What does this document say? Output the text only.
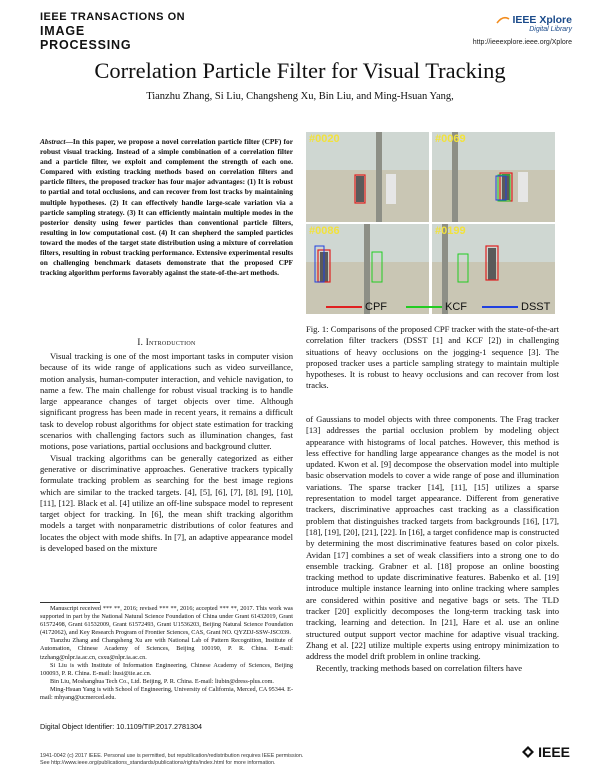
IEEE TRANSACTIONS ON
IMAGE
PROCESSING
IEEE Xplore
Digital Library
http://ieeexplore.ieee.org/Xplore
Correlation Particle Filter for Visual Tracking
Tianzhu Zhang, Si Liu, Changsheng Xu, Bin Liu, and Ming-Hsuan Yang,
Abstract—In this paper, we propose a novel correlation particle filter (CPF) for robust visual tracking. Instead of a simple combination of a correlation filter and a particle filter, we exploit and complement the strength of each one. Compared with existing tracking methods based on correlation filters and particle filters, the proposed tracker has four major advantages: (1) It is robust to partial and total occlusions, and can recover from lost tracks by maintaining multiple hypotheses. (2) It can effectively handle large-scale variation via a particle sampling strategy. (3) It can efficiently maintain multiple modes in the posterior density using fewer particles than conventional particle filters, resulting in low computational cost. (4) It can shepherd the sampled particles toward the modes of the target state distribution using a mixture of correlation filters, resulting in robust tracking performance. Extensive experimental results on challenging benchmark datasets demonstrate that the proposed CPF tracking algorithm performs favorably against the state-of-the-art methods.
I. Introduction

Visual tracking is one of the most important tasks in computer vision because of its wide range of applications such as video surveillance, motion analysis, human-computer interaction, and vehicle navigation, to name a few. The main challenge for robust visual tracking is to handle large appearance changes of target objects over time. Although significant progress has been made in recent years, it remains a difficult task to develop robust algorithms for object state estimation for tracking scenarios with challenging factors such as illumination changes, fast motions, pose variations, partial occlusions and background clutter.

Visual tracking algorithms can be generally categorized as either generative or discriminative approaches. Generative trackers typically formulate tracking problem as searching for the best image regions which are similar to the tracked targets. [4], [5], [6], [7], [8], [9], [10], [11], [12]. Black et al. [4] utilize an off-line subspace model to represent target object for tracking. In [6], the mean shift tracking algorithm models a target with nonparametric distributions of color features and locates the object with mode shifts. In [7], an adaptive appearance model is developed based on the mixture

Manuscript received *** **, 2016; revised *** **, 2016; accepted *** **, 2017. This work was supported in part by the National Natural Science Foundation of China under Grant 61432019, Grant 61572498, Grant 61532009, Grant 61572493, Grant U1536203, Beijing Natural Science Foundation (4172062), and Key Research Program of Frontier Sciences, CAS, Grant NO. QYZDJ-SSW-JSC039.

Tianzhu Zhang and Changsheng Xu are with National Lab of Pattern Recognition, Institute of Automation, Chinese Academy of Sciences, Beijing 100190, P. R. China. E-mail: tzzhang@nlpr.ia.ac.cn, csxu@nlpr.ia.ac.cn.

Si Liu is with Institute of Information Engineering, Chinese Academy of Sciences, Beijing 100093, P. R. China. E-mail: liusi@iie.ac.cn.

Bin Liu, Moshanghua Tech Co., Ltd. Beijing, P. R. China. E-mail: liubin@dress-plus.com.

Ming-Hsuan Yang is with School of Engineering, University of California, Merced, CA 95344. E-mail: mhyang@ucmerced.edu.

Digital Object Identifier: 10.1109/TIP.2017.2781304
#0020	#0069
#0086	#0199
CPF	KCF	DSST
Fig. 1: Comparisons of the proposed CPF tracker with the state-of-the-art correlation filter trackers (DSST [1] and KCF [2]) in challenging situations of heavy occlusions on the jogging-1 sequence [3]. The proposed tracker uses a particle sampling strategy to maintain multiple hypotheses. It is robust to heavy occlusions and can recover from lost tracks.

of Gaussians to model objects with three components. The Frag tracker [13] addresses the partial occlusion problem by modeling object appearance with histograms of local patches. However, this method is less effective for handling large appearance changes as the model is not updated. Kwon et al. [9] decompose the observation model into multiple basic observation models to cover a wide range of pose and illumination variations. The sparse tracker [14], [11], [15] utilizes a sparse representation to model target appearance. Different from generative trackers, discriminative approaches cast tracking as a classification problem that distinguishes tracked targets from backgrounds [16], [17], [18], [19], [20], [21], [22]. In [16], a target confidence map is constructed by determining the most discriminative features based on color pixels. Avidan [17] combines a set of weak classifiers into a strong one to do ensemble tracking. Grabner et al. [18] propose an online boosting tracking method to update discriminative features. Babenko et al. [19] introduce multiple instance learning into online tracking where samples are considered within positive and negative bags or sets. The TLD tracker [20] explicitly decomposes the long-term tracking task into tracking, learning and detection. In [21], Hare et al. use an online structured output support vector machine for adaptive visual tracking. Zhang et al. [22] utilize multiple experts using entropy minimization to address the model drift problem in online tracking.

Recently, tracking methods based on correlation filters have

1941-0042 (c) 2017 IEEE. Personal use is permitted, but republication/redistribution requires IEEE permission.
See http://www.ieee.org/publications_standards/publications/rights/index.html for more information.
IEEE
